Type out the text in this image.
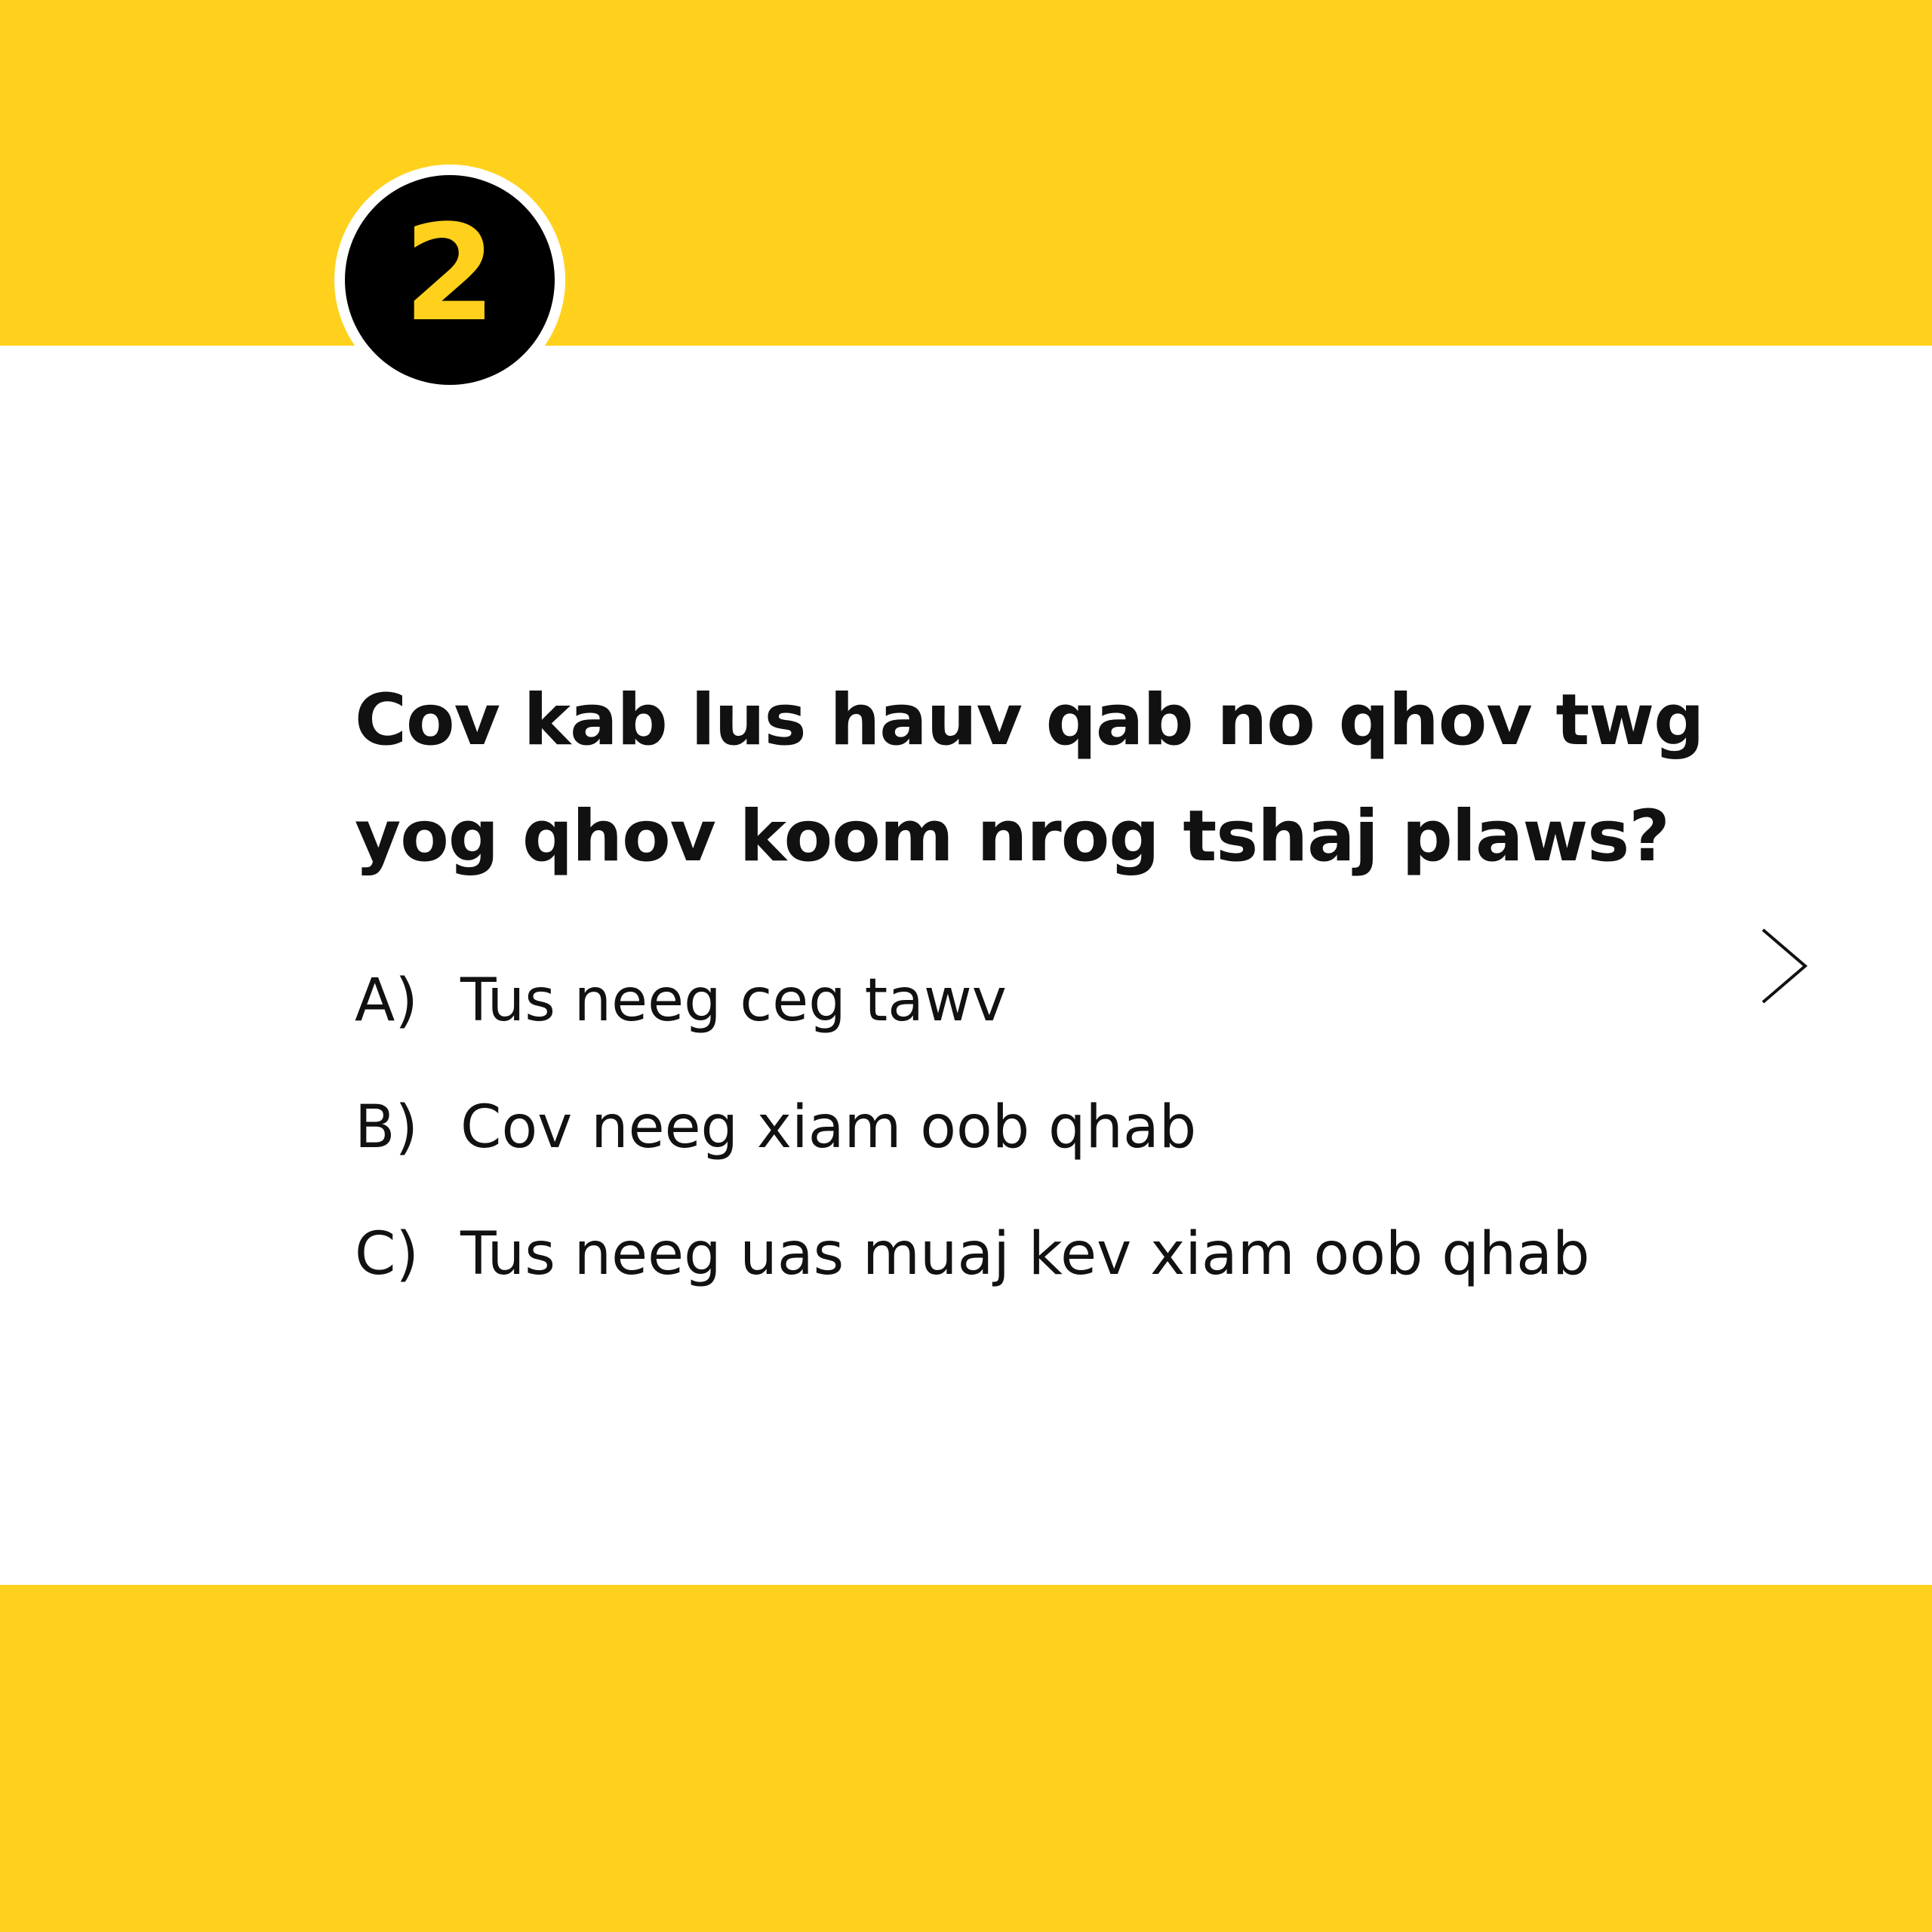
2
Cov kab lus hauv qab no qhov twg
yog qhov koom nrog tshaj plaws?
A) Tus neeg ceg tawv
B) Cov neeg xiam oob qhab
C) Tus neeg uas muaj kev xiam oob qhab
